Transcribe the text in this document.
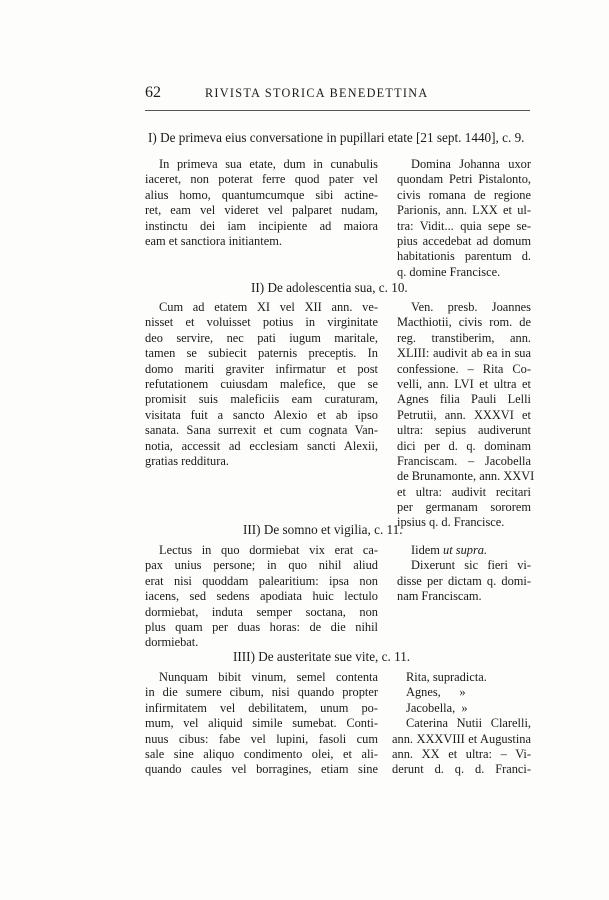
62	RIVISTA STORICA BENEDETTINA
I) De primeva eius conversatione in pupillari etate [21 sept. 1440], c. 9.
In primeva sua etate, dum in cunabulis
iaceret, non poterat ferre quod pater vel
alius homo, quantumcumque sibi actine-
ret, eam vel videret vel palparet nudam,
instinctu dei iam incipiente ad maiora
eam et sanctiora initiantem.
Domina Johanna uxor
quondam Petri Pistalonto,
civis romana de regione
Parionis, ann. LXX et ul-
tra: Vidit... quia sepe se-
pius accedebat ad domum
habitationis parentum d.
q. domine Francisce.
II) De adolescentia sua, c. 10.
Cum ad etatem XI vel XII ann. ve-
nisset et voluisset potius in virginitate
deo servire, nec pati iugum maritale,
tamen se subiecit paternis preceptis. In
domo mariti graviter infirmatur et post
refutationem cuiusdam malefice, que se
promisit suis maleficiis eam curaturam,
visitata fuit a sancto Alexio et ab ipso
sanata. Sana surrexit et cum cognata Van-
notia, accessit ad ecclesiam sancti Alexii,
gratias redditura.
Ven. presb. Joannes
Macthiotii, civis rom. de
reg. transtiberim, ann.
XLIII: audivit ab ea in sua
confessione. – Rita Co-
velli, ann. LVI et ultra et
Agnes filia Pauli Lelli
Petrutii, ann. XXXVI et
ultra: sepius audiverunt
dici per d. q. dominam
Franciscam. – Jacobella
de Brunamonte, ann. XXVI
et ultra: audivit recitari
per germanam sororem
ipsius q. d. Francisce.
III) De somno et vigilia, c. 11.
Lectus in quo dormiebat vix erat ca-
pax unius persone; in quo nihil aliud
erat nisi quoddam palearitium: ipsa non
iacens, sed sedens apodiata huic lectulo
dormiebat, induta semper soctana, non
plus quam per duas horas: de die nihil
dormiebat.
Iidem ut supra.
Dixerunt sic fieri vi-
disse per dictam q. domi-
nam Franciscam.
IIII) De austeritate sue vite, c. 11.
Nunquam bibit vinum, semel contenta
in die sumere cibum, nisi quando propter
infirmitatem vel debilitatem, unum po-
mum, vel aliquid simile sumebat. Conti-
nuus cibus: fabe vel lupini, fasoli cum
sale sine aliquo condimento olei, et ali-
quando caules vel borragines, etiam sine
Rita, supradicta.
Agnes,      »
Jacobella,  »
Caterina Nutii Clarelli,
ann. XXXVIII et Augustina
ann. XX et ultra: – Vi-
derunt d. q. d. Franci-
